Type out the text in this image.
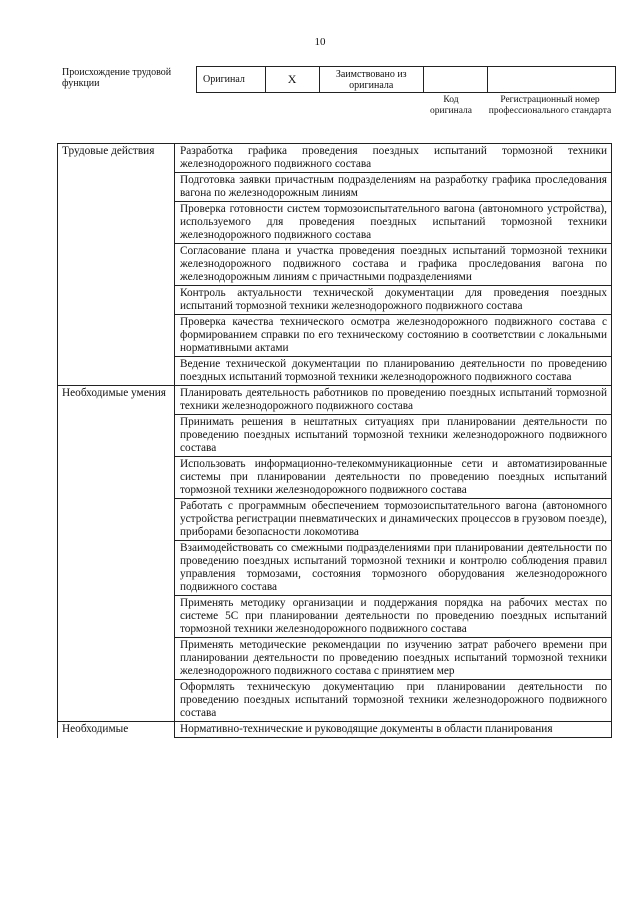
10
Происхождение трудовой функции	Оригинал	X	Заимствовано из оригинала		
Код оригинала
Регистрационный номер профессионального стандарта
Трудовые действия	Разработка графика проведения поездных испытаний тормозной техники железнодорожного подвижного состава
	Подготовка заявки причастным подразделениям на разработку графика проследования вагона по железнодорожным линиям
	Проверка готовности систем тормозоиспытательного вагона (автономного устройства), используемого для проведения поездных испытаний тормозной техники железнодорожного подвижного состава
	Согласование плана и участка проведения поездных испытаний тормозной техники железнодорожного подвижного состава и графика проследования вагона по железнодорожным линиям с причастными подразделениями
	Контроль актуальности технической документации для проведения поездных испытаний тормозной техники железнодорожного подвижного состава
	Проверка качества технического осмотра железнодорожного подвижного состава с формированием справки по его техническому состоянию в соответствии с локальными нормативными актами
	Ведение технической документации по планированию деятельности по проведению поездных испытаний тормозной техники железнодорожного подвижного состава
Необходимые умения	Планировать деятельность работников по проведению поездных испытаний тормозной техники железнодорожного подвижного состава
	Принимать решения в нештатных ситуациях при планировании деятельности по проведению поездных испытаний тормозной техники железнодорожного подвижного состава
	Использовать информационно-телекоммуникационные сети и автоматизированные системы при планировании деятельности по проведению поездных испытаний тормозной техники железнодорожного подвижного состава
	Работать с программным обеспечением тормозоиспытательного вагона (автономного устройства регистрации пневматических и динамических процессов в грузовом поезде), приборами безопасности локомотива
	Взаимодействовать со смежными подразделениями при планировании деятельности по проведению поездных испытаний тормозной техники и контролю соблюдения правил управления тормозами, состояния тормозного оборудования железнодорожного подвижного состава
	Применять методику организации и поддержания порядка на рабочих местах по системе 5С при планировании деятельности по проведению поездных испытаний тормозной техники железнодорожного подвижного состава
	Применять методические рекомендации по изучению затрат рабочего времени при планировании деятельности по проведению поездных испытаний тормозной техники железнодорожного подвижного состава с принятием мер
	Оформлять техническую документацию при планировании деятельности по проведению поездных испытаний тормозной техники железнодорожного подвижного состава
Необходимые	Нормативно-технические и руководящие документы в области планирования
